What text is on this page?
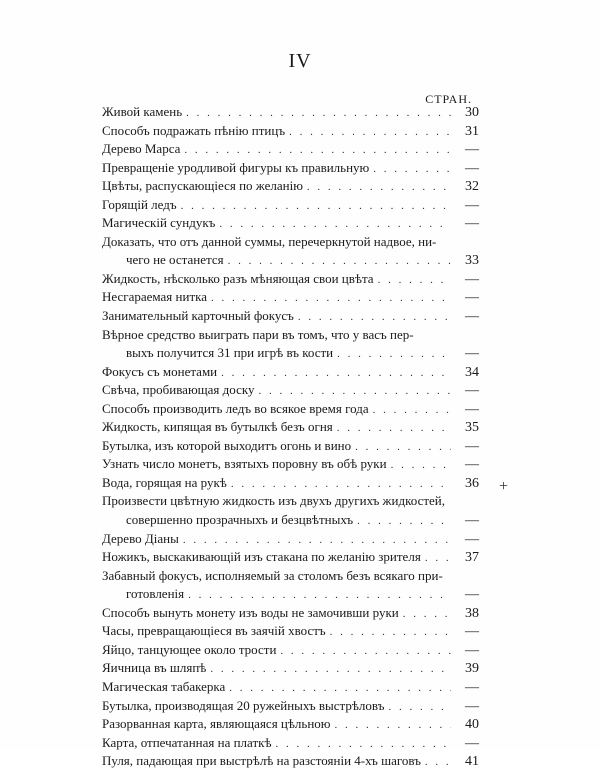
IV
СТРАН.
Живой камень . . .	30
Способъ подражать пѣнію птицъ . . .	31
Дерево Марса . . .	—
Превращеніе уродливой фигуры къ правильную . . .	—
Цвѣты, распускающіеся по желанію . . .	32
Горящій ледъ . . .	—
Магическій сундукъ . . .	—
Доказать, что отъ данной суммы, перечеркнутой надвое, ни-
чего не останется . . .	33
Жидкость, нѣсколько разъ мѣняющая свои цвѣта . . .	—
Несгараемая нитка . . .	—
Занимательный карточный фокусъ . . .	—
Вѣрное средство выиграть пари въ томъ, что у васъ пер-
выхъ получится 31 при игрѣ въ кости . . .	—
Фокусъ съ монетами . . .	34
Свѣча, пробивающая доску . . .	—
Способъ производить ледъ во всякое время года . . .	—
Жидкость, кипящая въ бутылкѣ безъ огня . . .	35
Бутылка, изъ которой выходитъ огонь и вино . . .	—
Узнать число монетъ, взятыхъ поровну въ обѣ руки . . .	—
Вода, горящая на рукѣ . . .	36
Произвести цвѣтную жидкость изъ двухъ другихъ жидкостей,
совершенно прозрачныхъ и безцвѣтныхъ . . .	—
Дерево Діаны . . .	—
Ножикъ, выскакивающій изъ стакана по желанію зрителя . . .	37
Забавный фокусъ, исполняемый за столомъ безъ всякаго при-
готовленія . . .	—
Способъ вынуть монету изъ воды не замочивши руки . . .	38
Часы, превращающіеся въ заячій хвостъ . . .	—
Яйцо, танцующее около трости . . .	—
Яичница въ шляпѣ . . .	39
Магическая табакерка . . .	—
Бутылка, производящая 20 ружейныхъ выстрѣловъ . . .	—
Разорванная карта, являющаяся цѣльною . . .	40
Карта, отпечатанная на платкѣ . . .	—
Пуля, падающая при выстрѣлѣ на разстояніи 4-хъ шаговъ . . .	41
+
